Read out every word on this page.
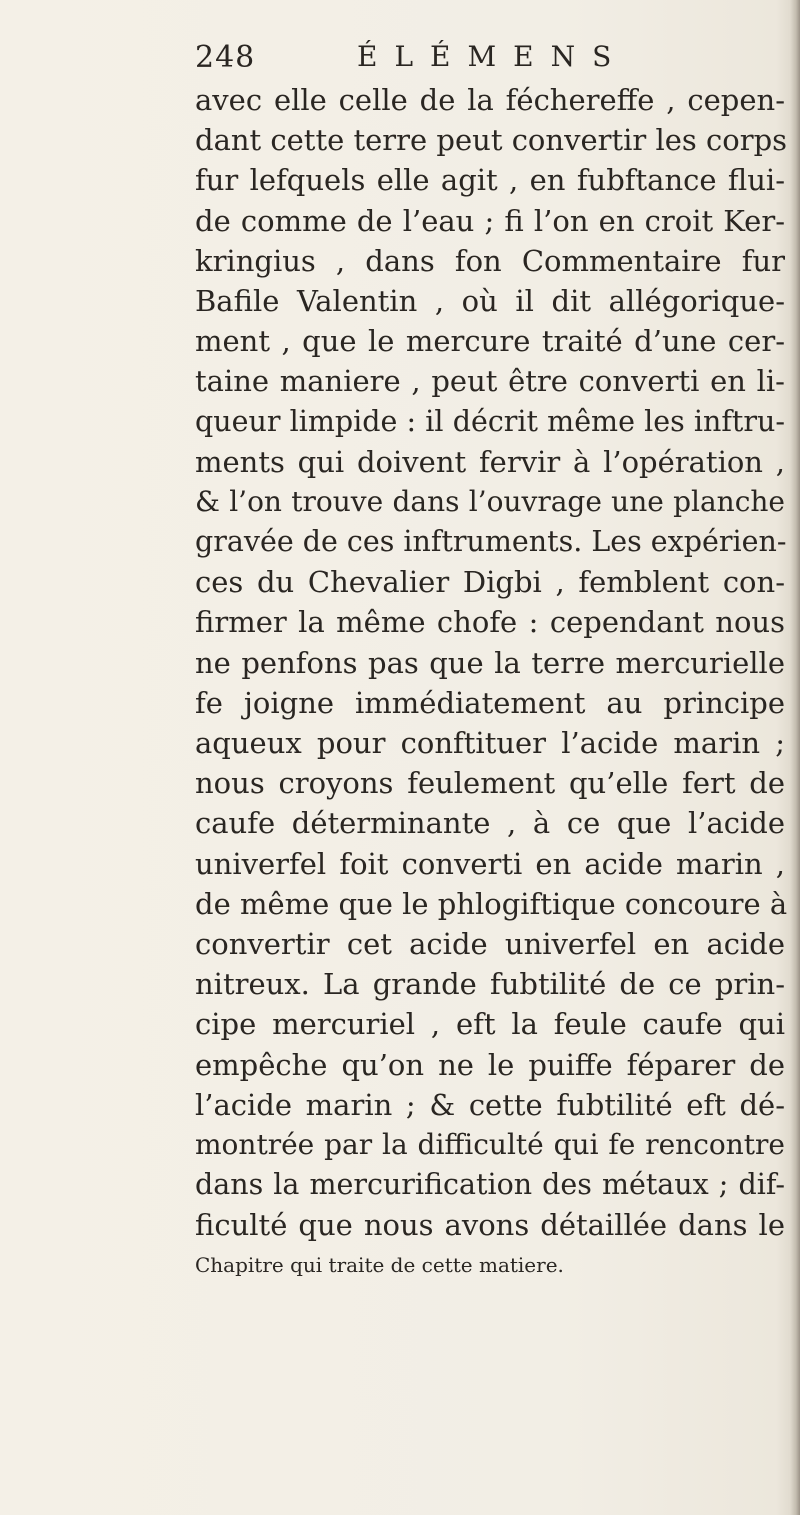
248	ÉLÉMENS
avec elle celle de la féchereffe , cepen-
dant cette terre peut convertir les corps
fur lefquels elle agit , en fubftance flui-
de comme de l’eau ; fi l’on en croit Ker-
kringius , dans fon Commentaire fur
Bafile Valentin , où il dit allégorique-
ment , que le mercure traité d’une cer-
taine maniere , peut être converti en li-
queur limpide : il décrit même les inftru-
ments qui doivent fervir à l’opération ,
& l’on trouve dans l’ouvrage une planche
gravée de ces inftruments. Les expérien-
ces du Chevalier Digbi , femblent con-
firmer la même chofe : cependant nous
ne penfons pas que la terre mercurielle
fe joigne immédiatement au principe
aqueux pour conftituer l’acide marin ;
nous croyons feulement qu’elle fert de
caufe déterminante , à ce que l’acide
univerfel foit converti en acide marin ,
de même que le phlogiftique concoure à
convertir cet acide univerfel en acide
nitreux. La grande fubtilité de ce prin-
cipe mercuriel , eft la feule caufe qui
empêche qu’on ne le puiffe féparer de
l’acide marin ; & cette fubtilité eft dé-
montrée par la difficulté qui fe rencontre
dans la mercurification des métaux ; dif-
ficulté que nous avons détaillée dans le
Chapitre qui traite de cette matiere.
